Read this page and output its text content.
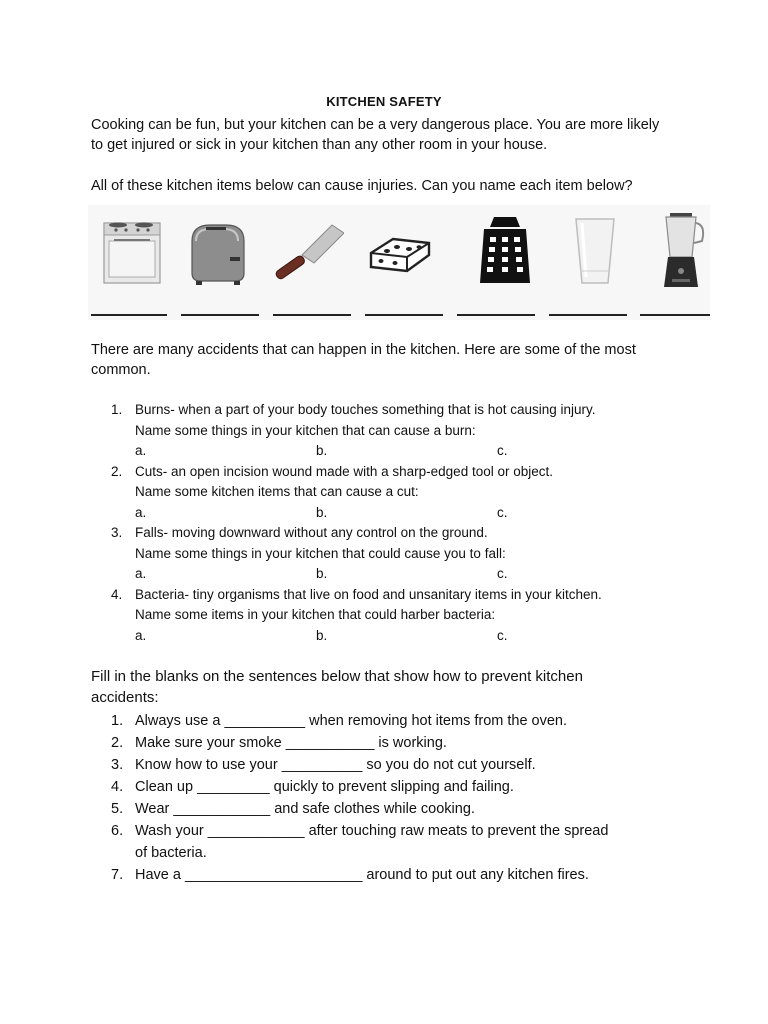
KITCHEN SAFETY
Cooking can be fun, but your kitchen can be a very dangerous place. You are more likely
to get injured or sick in your kitchen than any other room in your house.
All of these kitchen items below can cause injuries. Can you name each item below?
There are many accidents that can happen in the kitchen. Here are some of the most
common.
1. Burns- when a part of your body touches something that is hot causing injury.
Name some things in your kitchen that can cause a burn:
a.	b.	c.
2. Cuts- an open incision wound made with a sharp-edged tool or object.
Name some kitchen items that can cause a cut:
a.	b.	c.
3. Falls- moving downward without any control on the ground.
Name some things in your kitchen that could cause you to fall:
a.	b.	c.
4. Bacteria- tiny organisms that live on food and unsanitary items in your kitchen.
Name some items in your kitchen that could harber bacteria:
a.	b.	c.
Fill in the blanks on the sentences below that show how to prevent kitchen
accidents:
1. Always use a __________ when removing hot items from the oven.
2. Make sure your smoke ___________ is working.
3. Know how to use your __________ so you do not cut yourself.
4. Clean up _________ quickly to prevent slipping and failing.
5. Wear ____________ and safe clothes while cooking.
6. Wash your ____________ after touching raw meats to prevent the spread
of bacteria.
7. Have a ______________________ around to put out any kitchen fires.
